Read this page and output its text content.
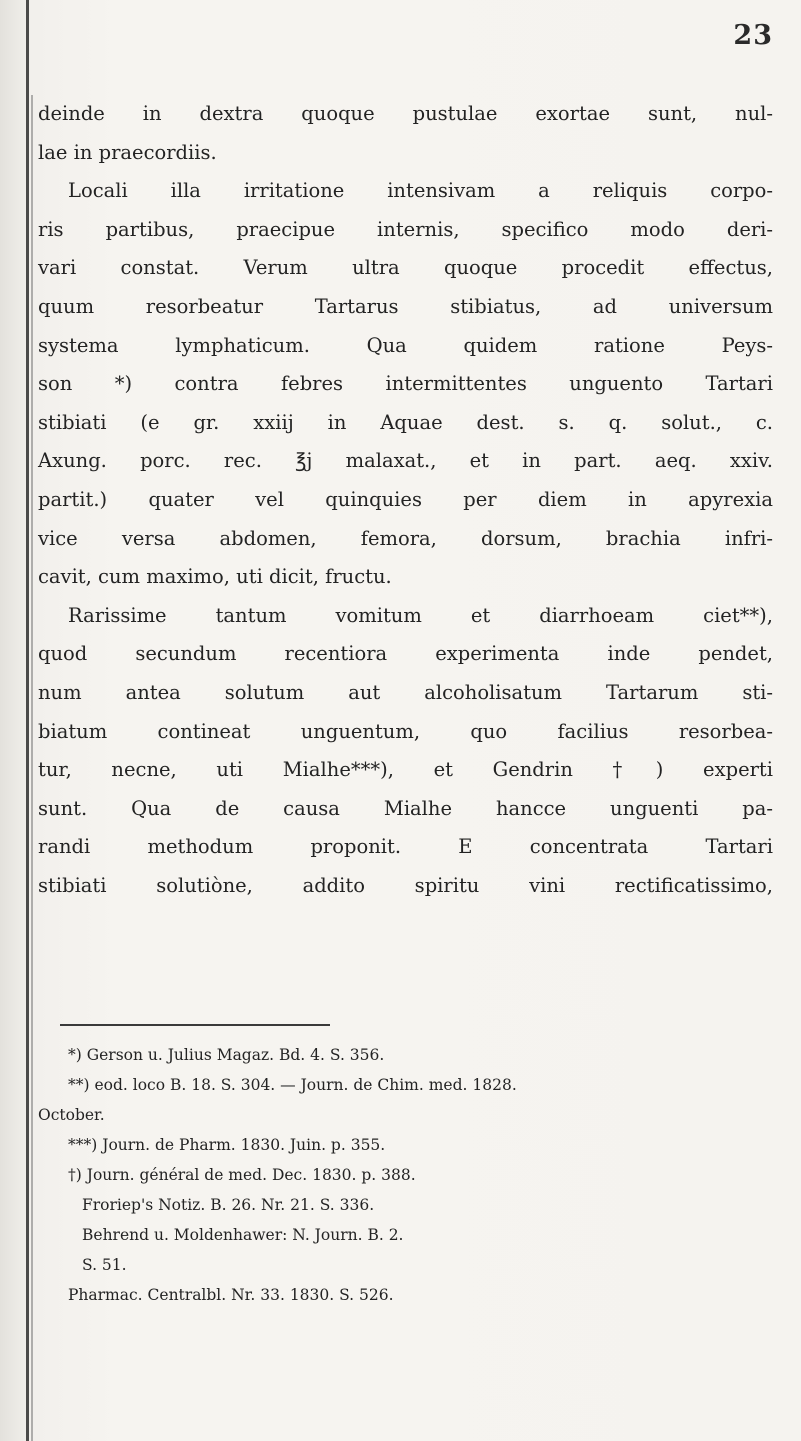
23
deinde in dextra quoque pustulae exortae sunt, nul-
lae in praecordiis.
Locali illa irritatione intensivam a reliquis corpo-
ris partibus, praecipue internis, specifico modo deri-
vari constat. Verum ultra quoque procedit effectus,
quum resorbeatur Tartarus stibiatus, ad universum
systema lymphaticum. Qua quidem ratione Peys-
son *) contra febres intermittentes unguento Tartari
stibiati (e gr. xxiij in Aquae dest. s. q. solut., c.
Axung. porc. rec. ℥j malaxat., et in part. aeq. xxiv.
partit.) quater vel quinquies per diem in apyrexia
vice versa abdomen, femora, dorsum, brachia infri-
cavit, cum maximo, uti dicit, fructu.
Rarissime tantum vomitum et diarrhoeam ciet**),
quod secundum recentiora experimenta inde pendet,
num antea solutum aut alcoholisatum Tartarum sti-
biatum contineat unguentum, quo facilius resorbea-
tur, necne, uti Mialhe***), et Gendrin †) experti
sunt. Qua de causa Mialhe hancce unguenti pa-
randi methodum proponit. E concentrata Tartari
stibiati solutiòne, addito spiritu vini rectificatissimo,
*) Gerson u. Julius Magaz. Bd. 4. S. 356.
**) eod. loco B. 18. S. 304. — Journ. de Chim. med. 1828.
October.
***) Journ. de Pharm. 1830. Juin. p. 355.
†) Journ. général de med. Dec. 1830. p. 388.
Froriep's Notiz. B. 26. Nr. 21. S. 336.
Behrend u. Moldenhawer: N. Journ. B. 2.
S. 51.
Pharmac. Centralbl. Nr. 33. 1830. S. 526.
